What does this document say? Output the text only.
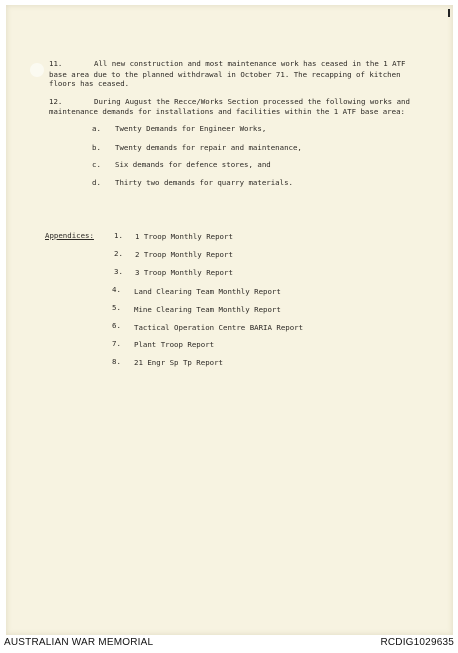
11.	All new construction and most maintenance work has ceased in the 1 ATF
base area due to the planned withdrawal in October 71. The recapping of kitchen
floors has ceased.
12.	During August the Recce/Works Section processed the following works and
maintenance demands for installations and facilities within the 1 ATF base area:
a. Twenty Demands for Engineer Works,
b. Twenty demands for repair and maintenance,
c. Six demands for defence stores, and
d. Thirty two demands for quarry materials.
Appendices:	1. 1 Troop Monthly Report
2. 2 Troop Monthly Report
3. 3 Troop Monthly Report
4. Land Clearing Team Monthly Report
5. Mine Clearing Team Monthly Report
6. Tactical Operation Centre BARIA Report
7. Plant Troop Report
8. 21 Engr Sp Tp Report
AUSTRALIAN WAR MEMORIAL	RCDIG1029635
